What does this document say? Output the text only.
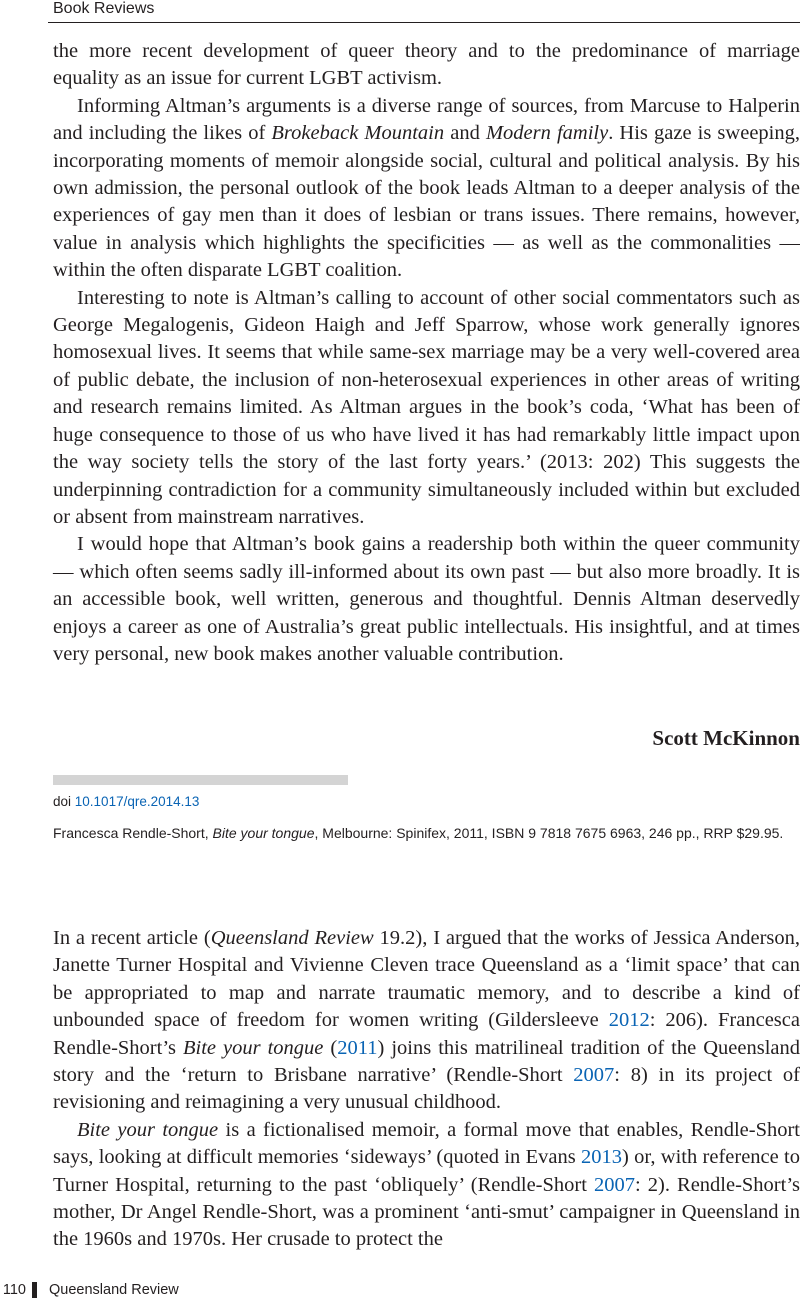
Book Reviews

the more recent development of queer theory and to the predominance of marriage equality as an issue for current LGBT activism.

Informing Altman’s arguments is a diverse range of sources, from Marcuse to Halperin and including the likes of Brokeback Mountain and Modern family. His gaze is sweeping, incorporating moments of memoir alongside social, cultural and political analysis. By his own admission, the personal outlook of the book leads Altman to a deeper analysis of the experiences of gay men than it does of lesbian or trans issues. There remains, however, value in analysis which highlights the specificities — as well as the commonalities — within the often disparate LGBT coalition.

Interesting to note is Altman’s calling to account of other social commentators such as George Megalogenis, Gideon Haigh and Jeff Sparrow, whose work generally ignores homosexual lives. It seems that while same-sex marriage may be a very well-covered area of public debate, the inclusion of non-heterosexual experiences in other areas of writing and research remains limited. As Altman argues in the book’s coda, ‘What has been of huge consequence to those of us who have lived it has had remarkably little impact upon the way society tells the story of the last forty years.’ (2013: 202) This suggests the underpinning contradiction for a community simultaneously included within but excluded or absent from mainstream narratives.

I would hope that Altman’s book gains a readership both within the queer community — which often seems sadly ill-informed about its own past — but also more broadly. It is an accessible book, well written, generous and thoughtful. Dennis Altman deservedly enjoys a career as one of Australia’s great public intellectuals. His insightful, and at times very personal, new book makes another valuable contribution.

Scott McKinnon
doi 10.1017/qre.2014.13
Francesca Rendle-Short, Bite your tongue, Melbourne: Spinifex, 2011, ISBN 9 7818 7675 6963, 246 pp., RRP $29.95.

In a recent article (Queensland Review 19.2), I argued that the works of Jessica Anderson, Janette Turner Hospital and Vivienne Cleven trace Queensland as a ‘limit space’ that can be appropriated to map and narrate traumatic memory, and to describe a kind of unbounded space of freedom for women writing (Gildersleeve 2012: 206). Francesca Rendle-Short’s Bite your tongue (2011) joins this matrilineal tradition of the Queensland story and the ‘return to Brisbane narrative’ (Rendle-Short 2007: 8) in its project of revisioning and reimagining a very unusual childhood.

Bite your tongue is a fictionalised memoir, a formal move that enables, Rendle-Short says, looking at difficult memories ‘sideways’ (quoted in Evans 2013) or, with reference to Turner Hospital, returning to the past ‘obliquely’ (Rendle-Short 2007: 2). Rendle-Short’s mother, Dr Angel Rendle-Short, was a prominent ‘anti-smut’ campaigner in Queensland in the 1960s and 1970s. Her crusade to protect the

110 Queensland Review
